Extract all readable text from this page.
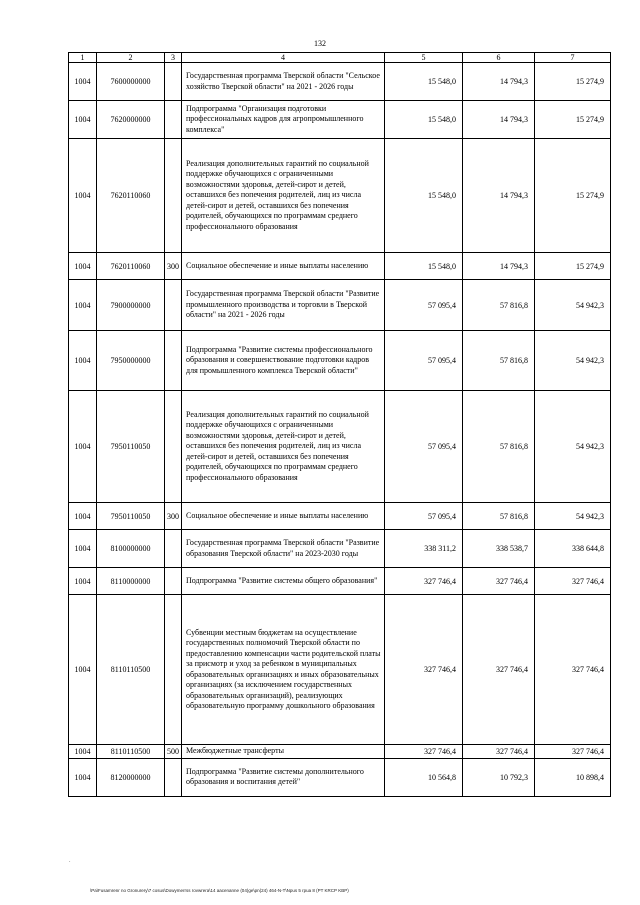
132
1	2	3	4	5	6	7
1004	7600000000		Государственная программа Тверской области "Сельское хозяйство Тверской области" на 2021 - 2026 годы	15 548,0	14 794,3	15 274,9
1004	7620000000		Подпрограмма "Организация подготовки профессиональных кадров для агропромышленного комплекса"	15 548,0	14 794,3	15 274,9
1004	7620110060		Реализация дополнительных гарантий по социальной поддержке обучающихся с ограниченными возможностями здоровья, детей-сирот и детей, оставшихся без попечения родителей, лиц из числа детей-сирот и детей, оставшихся без попечения родителей, обучающихся по программам среднего профессионального образования	15 548,0	14 794,3	15 274,9
1004	7620110060	300	Социальное обеспечение и иные выплаты населению	15 548,0	14 794,3	15 274,9
1004	7900000000		Государственная программа Тверской области "Развитие промышленного производства и торговли в Тверской области" на 2021 - 2026 годы	57 095,4	57 816,8	54 942,3
1004	7950000000		Подпрограмма "Развитие системы профессионального образования и совершенствование подготовки кадров для промышленного комплекса Тверской области"	57 095,4	57 816,8	54 942,3
1004	7950110050		Реализация дополнительных гарантий по социальной поддержке обучающихся с ограниченными возможностями здоровья, детей-сирот и детей, оставшихся без попечения родителей, лиц из числа детей-сирот и детей, оставшихся без попечения родителей, обучающихся по программам среднего профессионального образования	57 095,4	57 816,8	54 942,3
1004	7950110050	300	Социальное обеспечение и иные выплаты населению	57 095,4	57 816,8	54 942,3
1004	8100000000		Государственная программа Тверской области "Развитие образования Тверской области" на 2023-2030 годы	338 311,2	338 538,7	338 644,8
1004	8110000000		Подпрограмма "Развитие системы общего образования"	327 746,4	327 746,4	327 746,4
1004	8110110500		Субвенции местным бюджетам на осуществление государственных полномочий Тверской области по предоставлению компенсации части родительской платы за присмотр и уход за ребенком в муниципальных образовательных организациях и иных образовательных организациях (за исключением государственных образовательных организаций), реализующих образовательную программу дошкольного образования	327 746,4	327 746,4	327 746,4
1004	8110110500	500	Межбюджетные трансферты	327 746,4	327 746,4	327 746,4
1004	8120000000		Подпрограмма "Развитие системы дополнительного образования и воспитания детей"	10 564,8	10 792,3	10 898,4
.
\Pa\Fusamrenr no Gronurery\7 cosus\Dowymerrss rovwrera\14 aacenanne (04)ge\pn(24) 464-N-T\Npus 5 rpua 8 (PT KRCP KBP)
